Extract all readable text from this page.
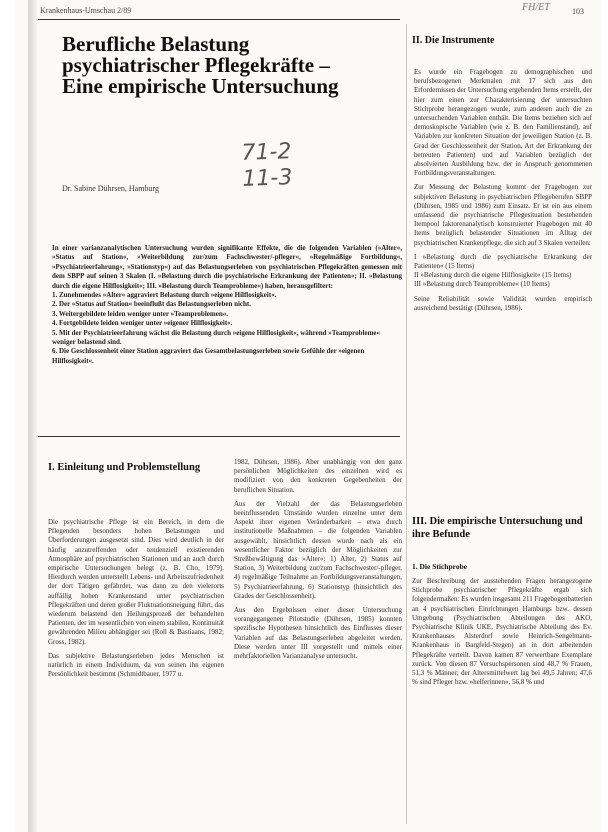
Krankenhaus-Umschau 2/89	FH/ET	103
Berufliche Belastung
psychiatrischer Pflegekräfte –
Eine empirische Untersuchung
71-2
11-3
Dr. Sabine Dührsen, Hamburg

In einer varianzanalytischen Untersuchung wurden signifikante Effekte, die die folgenden Variablen (»Alter«, »Status auf Station«, »Weiterbildung zur/zum Fachschwester/-pfleger«, »Regelmäßige Fortbildung«, »Psychiatrieerfahrung«, »Stationstyp«) auf das Belastungserleben von psychiatrischen Pflegekräften gemessen mit dem SBPP auf seinen 3 Skalen (I. »Belastung durch die psychiatrische Erkrankung der Patienten«; II. »Belastung durch die eigene Hilflosigkeit«; III. »Belastung durch Teamprobleme«) haben, herausgefiltert:

1. Zunehmendes »Alter« aggraviert Belastung durch »eigene Hilflosigkeit«.
2. Der »Status auf Station« beeinflußt das Belastungserleben nicht.
3. Weitergebildete leiden weniger unter »Teamproblemen«.
4. Fortgebildete leiden weniger unter »eigener Hilflosigkeit«.
5. Mit der Psychiatrieerfahrung wächst die Belastung durch »eigene Hilflosigkeit«, während »Teamprobleme« weniger belastend sind.
6. Die Geschlossenheit einer Station aggraviert das Gesamtbelastungserleben sowie Gefühle der »eigenen Hilflosigkeit«.
I. Einleitung und Problemstellung

Die psychiatrische Pflege ist ein Bereich, in dem die Pflegenden besonders hohen Belastungen und Überforderungen ausgesetzt sind. Dies wird deutlich in der häufig anzutreffenden oder tendenziell existierenden Atmosphäre auf psychiatrischen Stationen und an auch durch empirische Untersuchungen belegt (z. B. Cho, 1979). Hierdurch werden unterstellt Lebens- und Arbeitszufriedenheit der dort Tätigen gefährdet, was dann zu den vielerorts auffällig hohen Krankenstand unter psychiatrischen Pflegekräften und deren großer Fluktuationsneigung führt, das wiederum belastend den Heilungsprozeß der behandelten Patienten, der im wesentlichen von einem stabilen, Kontinuität gewährenden Milieu abhängiger sei (Roll & Bastiaans, 1982; Gross, 1982).

Das subjektive Belastungserleben jedes Menschen ist natürlich in einem Individuum, da von seinen ihn eigenen Persönlichkeit bestimmt (Schmidtbauer, 1977 u.

1982, Dührsen, 1986). Aber unabhängig von den ganz persönlichen Möglichkeiten des einzelnen wird es modifiziert von den konkreten Gegebenheiten der beruflichen Situation.

Aus der Vielzahl der das Belastungserleben beeinflussenden Umstände wurden einzelne unter dem Aspekt ihrer eigenen Veränderbarkeit – etwa durch institutionelle Maßnahmen – die folgenden Variablen ausgewählt, hinsichtlich dessen wurde nach als ein wesentlicher Faktor bezüglich der Möglichkeiten zur Streßbewältigung das »Alter«: 1) Alter, 2) Status auf Station, 3) Weiterbildung zur/zum Fachschwester/-pfleger, 4) regelmäßige Teilnahme an Fortbildungsveranstaltungen, 5) Psychiatrieerfahrung, 6) Stationstyp (hinsichtlich des Grades der Geschlossenheit).

Aus den Ergebnissen einer dieser Untersuchung vorangegangenen Pilotstudie (Dührsen, 1985) konnten spezifische Hypothesen hinsichtlich des Einflusses dieser Variablen auf das Belastungserleben abgeleitet werden. Diese werden unter III vorgestellt und mittels einer mehrfaktoriellen Varianzanalyse untersucht.

II. Die Instrumente

Es wurde ein Fragebogen zu demographischen und berufsbezogenen Merkmalen mit 17 sich aus den Erfordernissen der Untersuchung ergebenden Items erstellt, der hier zum einen zur Charakterisierung der untersuchten Stichprobe herangezogen wurde, zum anderen auch die zu untersuchenden Variablen enthält. Die Items beziehen sich auf demoskopische Variablen (wie z. B. den Familienstand), auf Variablen zur konkreten Situation der jeweiligen Station (z. B. Grad der Geschlossenheit der Station, Art der Erkrankung der betreuten Patienten) und auf Variablen bezüglich der absolvierten Ausbildung bzw. der in Anspruch genommenen Fortbildungsveranstaltungen.

Zur Messung der Belastung kommt der Fragebogen zur subjektiven Belastung in psychiatrischen Pflegeberufen SBPP (Dührsen, 1985 und 1986) zum Einsatz. Er ist ein aus einem umfassend die psychiatrische Pflegesituation bestehenden Itempool faktorenanalytisch konstruierter Fragebogen mit 40 Items bezüglich belastender Situationen im Alltag der psychiatrischen Krankenpflege, die sich auf 3 Skalen verteilen:

I »Belastung durch die psychiatrische Erkrankung der Patienten« (15 Items)

II »Belastung durch die eigene Hilflosigkeit« (15 Items)

III »Belastung durch Teamprobleme« (10 Items)

Seine Reliabilität sowie Validität wurden empirisch ausreichend bestätigt (Dührsen, 1986).

III. Die empirische Untersuchung und ihre Befunde
1. Die Stichprobe

Zur Beschreibung der ausstehenden Fragen herangezogene Stichprobe psychiatrischer Pflegekräfte ergab sich folgendermaßen: Es wurden insgesamt 211 Fragebogenbatterien an 4 psychiatrischen Einrichtungen Hamburgs bzw. dessen Umgebung (Psychiatrischen Abteilungen des AKO, Psychiatrische Klinik UKE, Psychiatrische Abteilung des Ev. Krankenhauses Alsterdorf sowie Heinrich-Sengelmann-Krankenhaus in Bargfeld-Stegen) an in dort arbeitenden Pflegekräfte verteilt. Davon kamen 87 verwertbare Exemplare zurück. Von diesen 87 Versuchspersonen sind 48,7 % Frauen, 51,3 % Männer; der Altersmittelwert lag bei 49,5 Jahren; 47,6 % sind Pfleger bzw. »helferinnen«, 56,8 % und
